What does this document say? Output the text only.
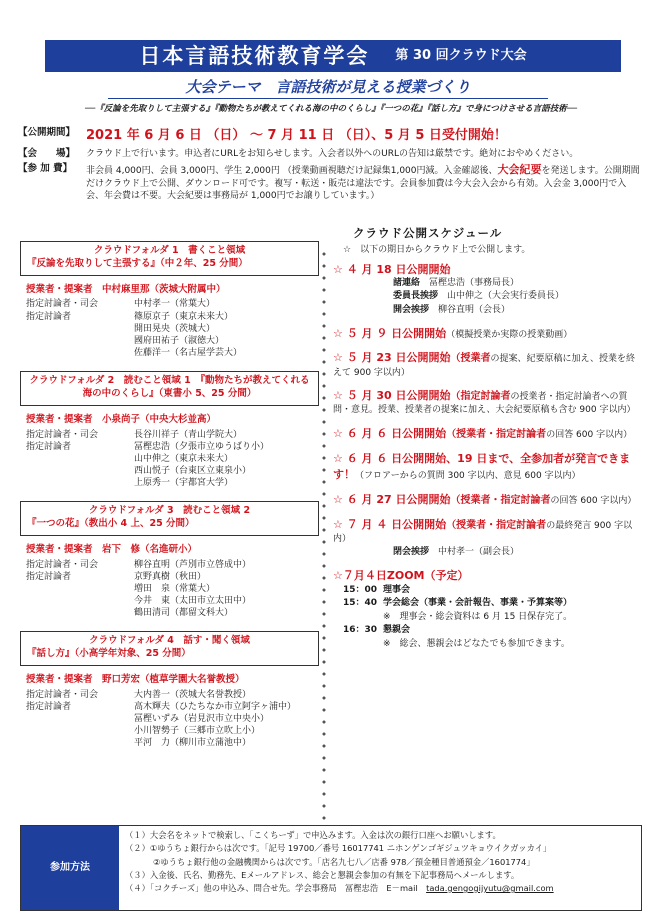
日本言語技術教育学会 第 30 回クラウド大会
大会テーマ　言語技術が見える授業づくり
──『反論を先取りして主張する』『動物たちが教えてくれる海の中のくらし』『一つの花』『話し方』で身につけさせる言語技術──
【公開期間】 2021 年 6 月 6 日 （日） ～ 7 月 11 日 （日）、5 月 5 日受付開始！
【会　　場】	クラウド上で行います。申込者にURLをお知らせします。入会者以外へのURLの告知は厳禁です。絶対におやめください。
【参 加 費】	非会員 4,000円、会員 3,000円、学生 2,000円 （授業動画視聴だけ記録集1,000円減。入金確認後、大会紀要を発送します。公開期間だけクラウド上で公開、ダウンロード可です。複写・転送・販売は違法です。会員参加費は今大会入会から有効。入会金 3,000円で入会、年会費は不要。大会紀要は事務局が 1,000円でお譲りしています。）
クラウドフォルダ 1　書くこと領域
『反論を先取りして主張する』（中２年、25 分間）
授業者・提案者　中村麻里那（茨城大附属中）
指定討論者・司会	中村孝一（常葉大）
指定討論者	篠原京子（東京未来大）
開田晃央（茨城大）
國府田祐子（淑徳大）
佐藤洋一（名古屋学芸大）
クラウドフォルダ 2　読むこと領域 1　『動物たちが教えてくれる海の中のくらし』（東書小 5、25 分間）
授業者・提案者　小泉尚子（中央大杉並高）
指定討論者・司会	長谷川祥子（青山学院大）
指定討論者	冨樫忠浩（夕張市立ゆうばり小）
山中伸之（東京未来大）
西山悦子（台東区立東泉小）
上原秀一（宇都宮大学）
クラウドフォルダ 3　読むこと領域 2
『一つの花』（教出小 4 上、25 分間）
授業者・提案者　岩下　修（名進研小）
指定討論者・司会	柳谷直明（芦別市立啓成中）
指定討論者	京野真樹（秋田）
増田　泉（常葉大）
今井　東（太田市立太田中）
鶴田清司（都留文科大）
クラウドフォルダ 4　話す・聞く領域
『話し方』（小高学年対象、25 分間）
授業者・提案者　野口芳宏（植草学園大名誉教授）
指定討論者・司会	大内善一（茨城大名誉教授）
指定討論者	高木輝夫（ひたちなか市立阿字ヶ浦中）
冨樫いずみ（岩見沢市立中央小）
小川智勢子（三郷市立吹上小）
平河　力（柳川市立蒲池中）
クラウド公開スケジュール
☆　以下の期日からクラウド上で公開します。
☆ ４ 月 18 日公開開始
諸連絡　 冨樫忠浩（事務局長）
委員長挨拶　 山中伸之（大会実行委員長）
開会挨拶　 柳谷直明（会長）
☆ ５ 月 ９ 日公開開始（模擬授業か実際の授業動画）
☆ ５ 月 23 日公開開始（授業者の提案、紀要原稿に加え、授業を終えて 900 字以内）
☆ ５ 月 30 日公開開始（指定討論者の授業者・指定討論者への質問・意見。授業、授業者の提案に加え、大会紀要原稿も含む 900 字以内）
☆ ６ 月 ６ 日公開開始（授業者・指定討論者の回答 600 字以内）
☆ ６ 月 ６ 日公開開始、19 日まで、全参加者が発言できます！（フロアーからの質問 300 字以内、意見 600 字以内）
☆ ６ 月 27 日公開開始（授業者・指定討論者の回答 600 字以内）
☆ ７ 月 ４ 日公開開始（授業者・指定討論者の最終発言 900 字以内）
閉会挨拶　 中村孝一（副会長）
☆７月４日ZOOM（予定）
15：00 理事会
15：40 学会総会（事業・会計報告、事業・予算案等）
※　理事会・総会資料は 6 月 15 日保存完了。
16：30 懇親会
※　総会、懇親会はどなたでも参加できます。
参加方法
（１）大会名をネットで検索し、「こくちーず」で申込みます。入金は次の銀行口座へお願いします。
（２）①ゆうちょ銀行からは次です。「記号 19700／番号 16017741 ニホンゲンゴギジュツキョウイクガッカイ」
②ゆうちょ銀行他の金融機関からは次です。「店名九七八／店番 978／預金種目普通預金／1601774」
（３）入金後、氏名、勤務先、Eメールアドレス、総会と懇親会参加の有無を下記事務局へメールします。
（４）「コクチーズ」他の申込み、問合せ先。学会事務局　冨樫忠浩　E－mail　 tada.gengogijyutu@gmail.com
